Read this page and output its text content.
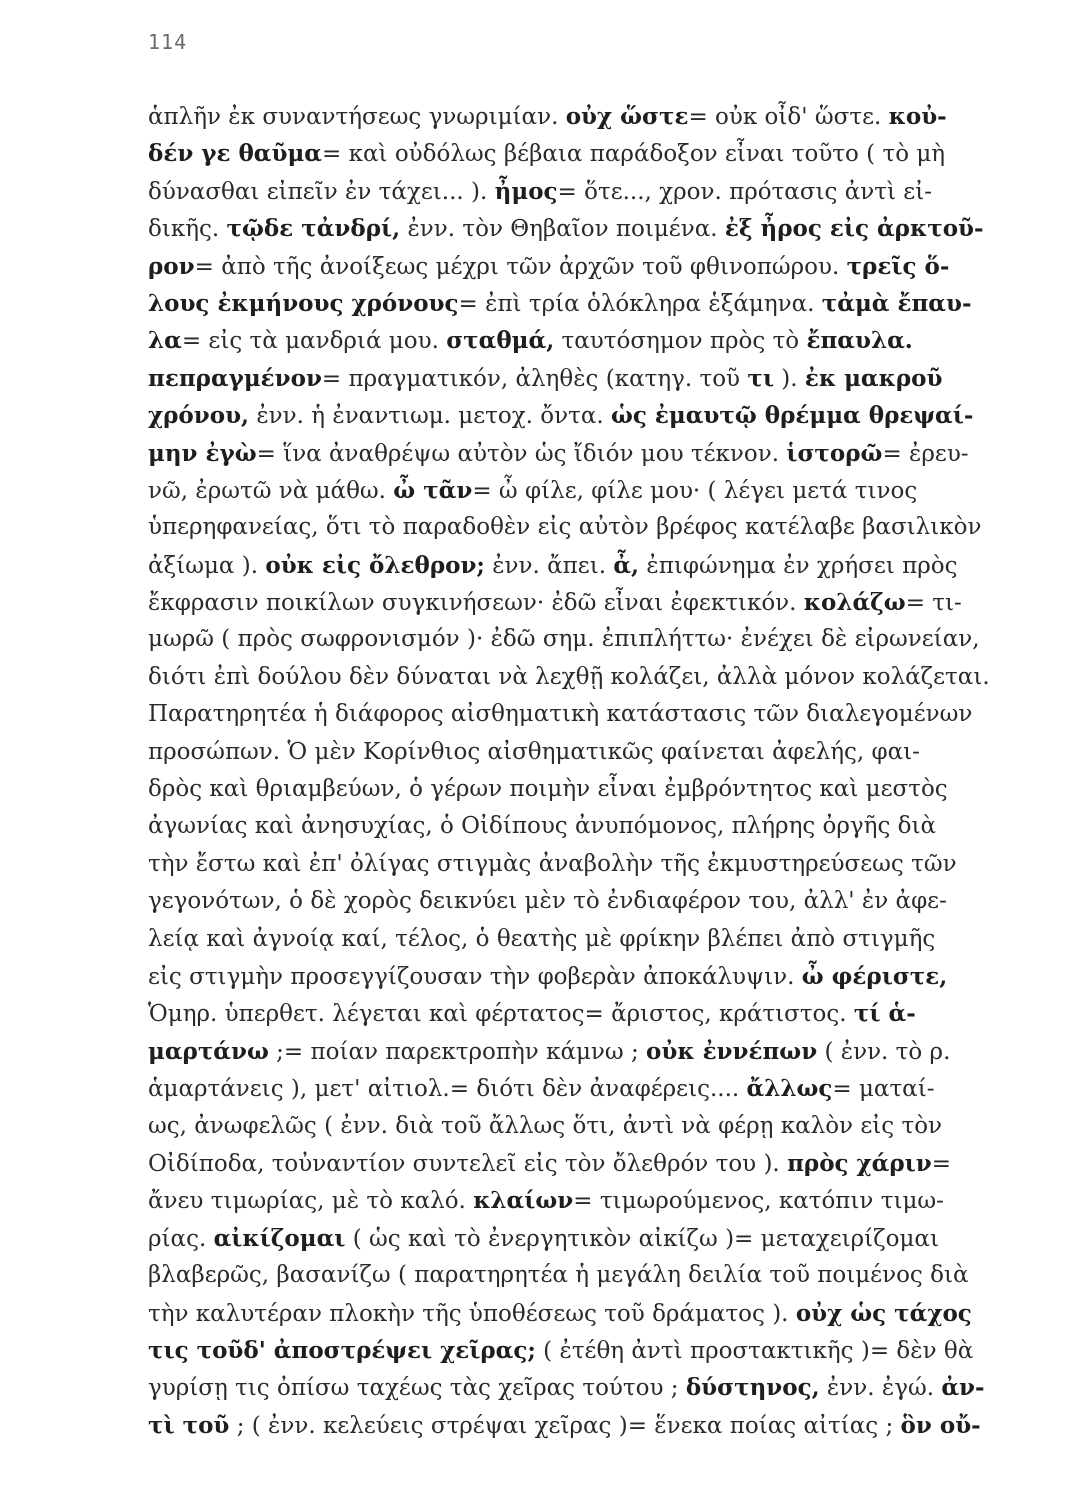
114
ἁπλῆν ἐκ συναντήσεως γνωριμίαν. οὐχ ὥστε= οὐκ οἶδ' ὥστε. κοὐ-
δέν γε θαῦμα= καὶ οὐδόλως βέβαια παράδοξον εἶναι τοῦτο ( τὸ μὴ
δύνασθαι εἰπεῖν ἐν τάχει... ). ἦμος= ὅτε..., χρον. πρότασις ἀντὶ εἰ-
δικῆς. τῷδε τἀνδρί, ἐνν. τὸν Θηβαῖον ποιμένα. ἐξ ἦρος εἰς ἀρκτοῦ-
ρον= ἀπὸ τῆς ἀνοίξεως μέχρι τῶν ἀρχῶν τοῦ φθινοπώρου. τρεῖς ὅ-
λους ἐκμήνους χρόνους= ἐπὶ τρία ὁλόκληρα ἑξάμηνα. τἀμὰ ἔπαυ-
λα= εἰς τὰ μανδριά μου. σταθμά, ταυτόσημον πρὸς τὸ ἔπαυλα.
πεπραγμένον= πραγματικόν, ἀληθὲς (κατηγ. τοῦ τι ). ἐκ μακροῦ
χρόνου, ἐνν. ἡ ἐναντιωμ. μετοχ. ὄντα. ὡς ἐμαυτῷ θρέμμα θρεψαί-
μην ἐγὼ= ἵνα ἀναθρέψω αὐτὸν ὡς ἴδιόν μου τέκνον. ἱστορῶ= ἐρευ-
νῶ, ἐρωτῶ νὰ μάθω. ὦ τᾶν= ὦ φίλε, φίλε μου· ( λέγει μετά τινος
ὑπερηφανείας, ὅτι τὸ παραδοθὲν εἰς αὐτὸν βρέφος κατέλαβε βασιλικὸν
ἀξίωμα ). οὐκ εἰς ὄλεθρον; ἐνν. ἄπει. ἆ, ἐπιφώνημα ἐν χρήσει πρὸς
ἔκφρασιν ποικίλων συγκινήσεων· ἐδῶ εἶναι ἐφεκτικόν. κολάζω= τι-
μωρῶ ( πρὸς σωφρονισμόν )· ἐδῶ σημ. ἐπιπλήττω· ἐνέχει δὲ εἰρωνείαν,
διότι ἐπὶ δούλου δὲν δύναται νὰ λεχθῇ κολάζει, ἀλλὰ μόνον κολάζεται.
Παρατηρητέα ἡ διάφορος αἰσθηματικὴ κατάστασις τῶν διαλεγομένων
προσώπων. Ὁ μὲν Κορίνθιος αἰσθηματικῶς φαίνεται ἀφελής, φαι-
δρὸς καὶ θριαμβεύων, ὁ γέρων ποιμὴν εἶναι ἐμβρόντητος καὶ μεστὸς
ἀγωνίας καὶ ἀνησυχίας, ὁ Οἰδίπους ἀνυπόμονος, πλήρης ὀργῆς διὰ
τὴν ἔστω καὶ ἐπ' ὀλίγας στιγμὰς ἀναβολὴν τῆς ἐκμυστηρεύσεως τῶν
γεγονότων, ὁ δὲ χορὸς δεικνύει μὲν τὸ ἐνδιαφέρον του, ἀλλ' ἐν ἀφε-
λείᾳ καὶ ἀγνοίᾳ καί, τέλος, ὁ θεατὴς μὲ φρίκην βλέπει ἀπὸ στιγμῆς
εἰς στιγμὴν προσεγγίζουσαν τὴν φοβερὰν ἀποκάλυψιν. ὦ φέριστε,
Ὁμηρ. ὑπερθετ. λέγεται καὶ φέρτατος= ἄριστος, κράτιστος. τί ἁ-
μαρτάνω ;= ποίαν παρεκτροπὴν κάμνω ; οὐκ ἐννέπων ( ἐνν. τὸ ρ.
ἁμαρτάνεις ), μετ' αἰτιολ.= διότι δὲν ἀναφέρεις.... ἄλλως= ματαί-
ως, ἀνωφελῶς ( ἐνν. διὰ τοῦ ἄλλως ὅτι, ἀντὶ νὰ φέρῃ καλὸν εἰς τὸν
Οἰδίποδα, τοὐναντίον συντελεῖ εἰς τὸν ὄλεθρόν του ). πρὸς χάριν=
ἄνευ τιμωρίας, μὲ τὸ καλό. κλαίων= τιμωρούμενος, κατόπιν τιμω-
ρίας. αἰκίζομαι ( ὡς καὶ τὸ ἐνεργητικὸν αἰκίζω )= μεταχειρίζομαι
βλαβερῶς, βασανίζω ( παρατηρητέα ἡ μεγάλη δειλία τοῦ ποιμένος διὰ
τὴν καλυτέραν πλοκὴν τῆς ὑποθέσεως τοῦ δράματος ). οὐχ ὡς τάχος
τις τοῦδ' ἀποστρέψει χεῖρας; ( ἐτέθη ἀντὶ προστακτικῆς )= δὲν θὰ
γυρίσῃ τις ὀπίσω ταχέως τὰς χεῖρας τούτου ; δύστηνος, ἐνν. ἐγώ. ἀν-
τὶ τοῦ ; ( ἐνν. κελεύεις στρέψαι χεῖρας )= ἕνεκα ποίας αἰτίας ; ὃν οὔ-
